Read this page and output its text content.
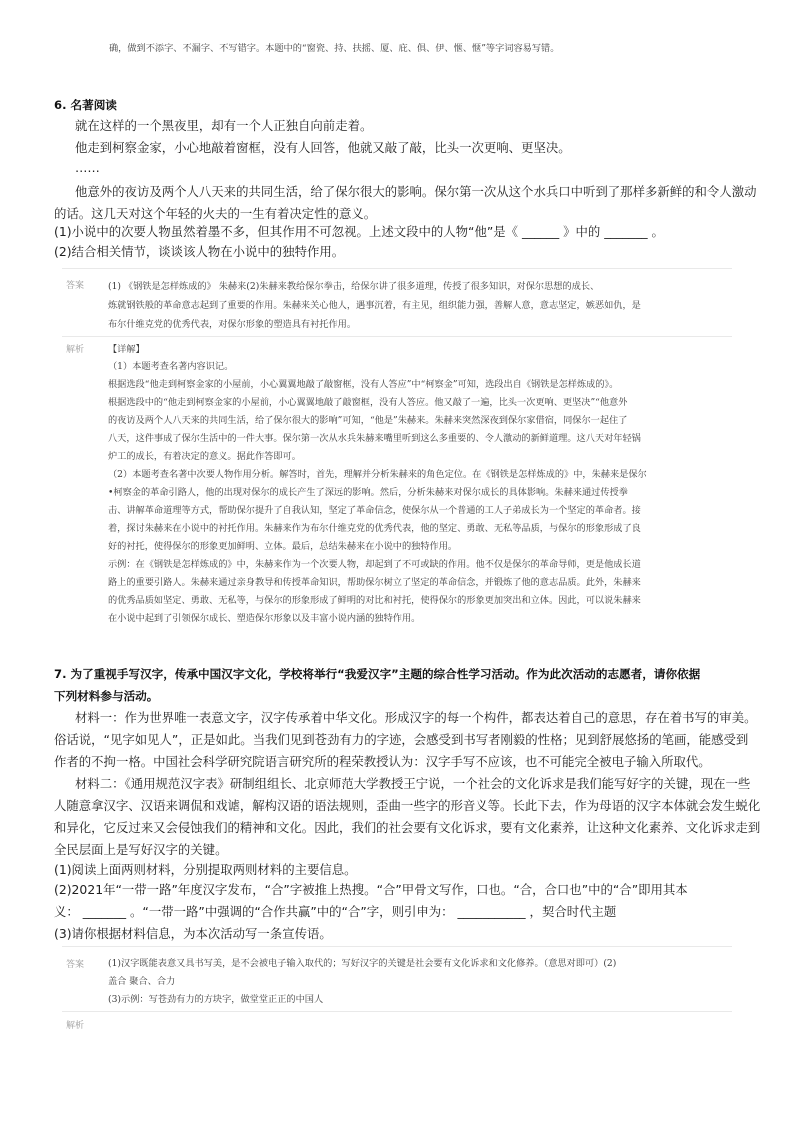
确，做到不添字、不漏字、不写错字。本题中的“窗瓷、持、扶摇、厦、庇、俱、伊、惬、惬”等字词容易写错。
6. 名著阅读
就在这样的一个黑夜里，却有一个人正独自向前走着。
他走到柯察金家，小心地敲着窗框，没有人回答，他就又敲了敲，比头一次更响、更坚决。
……
他意外的夜访及两个人八天来的共同生活，给了保尔很大的影响。保尔第一次从这个水兵口中听到了那样多新鲜的和令人激动
的话。这几天对这个年轻的火夫的一生有着决定性的意义。
(1)小说中的次要人物虽然着墨不多，但其作用不可忽视。上述文段中的人物“他”是《 ______ 》中的 _______ 。
(2)结合相关情节，谈谈该人物在小说中的独特作用。
答案	(1) 《钢铁是怎样炼成的》 朱赫来(2)朱赫来教给保尔拳击，给保尔讲了很多道理，传授了很多知识，对保尔思想的成长、
炼就钢铁般的革命意志起到了重要的作用。朱赫来关心他人，遇事沉着，有主见，组织能力强，善解人意，意志坚定，嫉恶如仇，是
布尔什维克党的优秀代表，对保尔形象的塑造具有衬托作用。
解析	【详解】
（1）本题考查名著内容识记。
根据选段“他走到柯察金家的小屋前，小心翼翼地敲了敲窗框，没有人答应”中“柯察金”可知，选段出自《钢铁是怎样炼成的》。
根据选段中的“他走到柯察金家的小屋前，小心翼翼地敲了敲窗框，没有人答应。他又敲了一遍，比头一次更响、更坚决”“他意外
的夜访及两个人八天来的共同生活，给了保尔很大的影响”可知，“他是”朱赫来。朱赫来突然深夜到保尔家借宿，同保尔一起住了
八天，这件事成了保尔生活中的一件大事。保尔第一次从水兵朱赫来嘴里听到这么多重要的、令人激动的新鲜道理。这八天对年轻锅
炉工的成长，有着决定的意义。据此作答即可。
（2）本题考查名著中次要人物作用分析。解答时，首先，理解并分析朱赫来的角色定位。在《钢铁是怎样炼成的》中，朱赫来是保尔
•柯察金的革命引路人，他的出现对保尔的成长产生了深远的影响。然后，分析朱赫来对保尔成长的具体影响。朱赫来通过传授拳
击、讲解革命道理等方式，帮助保尔提升了自我认知，坚定了革命信念，使保尔从一个普通的工人子弟成长为一个坚定的革命者。接
着，探讨朱赫来在小说中的衬托作用。朱赫来作为布尔什维克党的优秀代表，他的坚定、勇敢、无私等品质，与保尔的形象形成了良
好的衬托，使得保尔的形象更加鲜明、立体。最后，总结朱赫来在小说中的独特作用。
示例：在《钢铁是怎样炼成的》中，朱赫来作为一个次要人物，却起到了不可或缺的作用。他不仅是保尔的革命导师，更是他成长道
路上的重要引路人。朱赫来通过亲身教导和传授革命知识，帮助保尔树立了坚定的革命信念，并锻炼了他的意志品质。此外，朱赫来
的优秀品质如坚定、勇敢、无私等，与保尔的形象形成了鲜明的对比和衬托，使得保尔的形象更加突出和立体。因此，可以说朱赫来
在小说中起到了引领保尔成长、塑造保尔形象以及丰富小说内涵的独特作用。
7. 为了重视手写汉字，传承中国汉字文化，学校将举行“我爱汉字”主题的综合性学习活动。作为此次活动的志愿者，请你依据
下列材料参与活动。
材料一：作为世界唯一表意文字，汉字传承着中华文化。形成汉字的每一个构件，都表达着自己的意思，存在着书写的审美。
俗话说，“见字如见人”，正是如此。当我们见到苍劲有力的字迹，会感受到书写者刚毅的性格；见到舒展悠扬的笔画，能感受到
作者的不拘一格。中国社会科学研究院语言研究所的程荣教授认为：汉字手写不应该，也不可能完全被电子输入所取代。
材料二：《通用规范汉字表》研制组组长、北京师范大学教授王宁说，一个社会的文化诉求是我们能写好字的关键，现在一些
人随意拿汉字、汉语来调侃和戏谑，解构汉语的语法规则，歪曲一些字的形音义等。长此下去，作为母语的汉字本体就会发生蜕化
和异化，它反过来又会侵蚀我们的精神和文化。因此，我们的社会要有文化诉求，要有文化素养，让这种文化素养、文化诉求走到
全民层面上是写好汉字的关键。
(1)阅读上面两则材料，分别提取两则材料的主要信息。
(2)2021年“一带一路”年度汉字发布，“合”字被推上热搜。“合”甲骨文写作，口也。“合，合口也”中的“合”即用其本
义： _______ 。“一带一路”中强调的“合作共赢”中的“合”字，则引申为： ___________ ，契合时代主题
(3)请你根据材料信息，为本次活动写一条宣传语。
答案	(1)汉字既能表意又具书写美，是不会被电子输入取代的；写好汉字的关键是社会要有文化诉求和文化修养。（意思对即可）(2)
盖合 聚合、合力
(3)示例：写苍劲有力的方块字，做堂堂正正的中国人
解析
